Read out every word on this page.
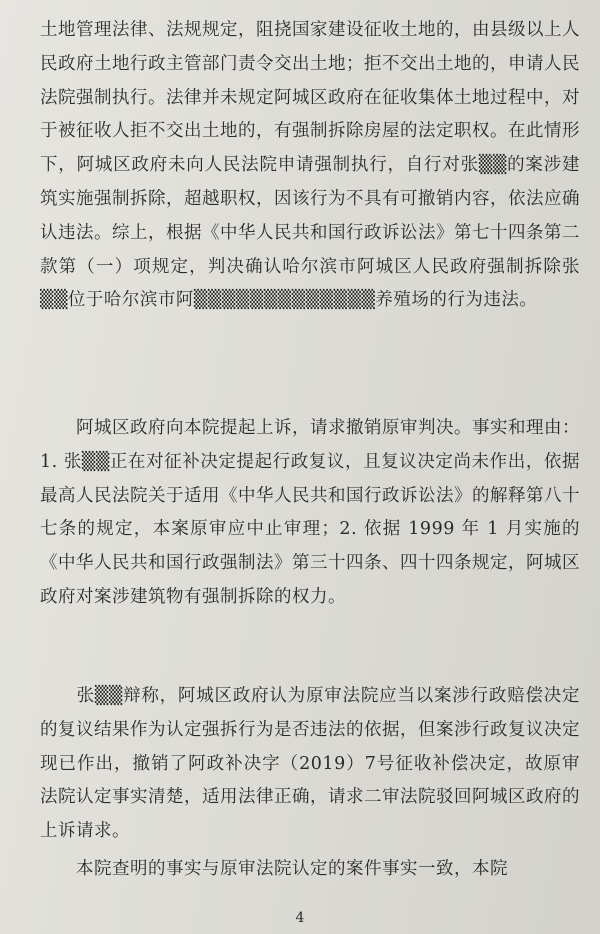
土地管理法律、法规规定，阻挠国家建设征收土地的，由县级以上人民政府土地行政主管部门责令交出土地；拒不交出土地的，申请人民法院强制执行。法律并未规定阿城区政府在征收集体土地过程中，对于被征收人拒不交出土地的，有强制拆除房屋的法定职权。在此情形下，阿城区政府未向人民法院申请强制执行，自行对张▒▒的案涉建筑实施强制拆除，超越职权，因该行为不具有可撤销内容，依法应确认违法。综上，根据《中华人民共和国行政诉讼法》第七十四条第二款第（一）项规定，判决确认哈尔滨市阿城区人民政府强制拆除张▒▒位于哈尔滨市阿▒▒▒▒▒▒▒▒▒▒▒▒▒养殖场的行为违法。

　　阿城区政府向本院提起上诉，请求撤销原审判决。事实和理由：1. 张▒▒正在对征补决定提起行政复议，且复议决定尚未作出，依据最高人民法院关于适用《中华人民共和国行政诉讼法》的解释第八十七条的规定，本案原审应中止审理；2. 依据 1999 年 1 月实施的《中华人民共和国行政强制法》第三十四条、四十四条规定，阿城区政府对案涉建筑物有强制拆除的权力。

　　张▒▒辩称，阿城区政府认为原审法院应当以案涉行政赔偿决定的复议结果作为认定强拆行为是否违法的依据，但案涉行政复议决定现已作出，撤销了阿政补决字（2019）7号征收补偿决定，故原审法院认定事实清楚，适用法律正确，请求二审法院驳回阿城区政府的上诉请求。

　　本院查明的事实与原审法院认定的案件事实一致，本院

4
